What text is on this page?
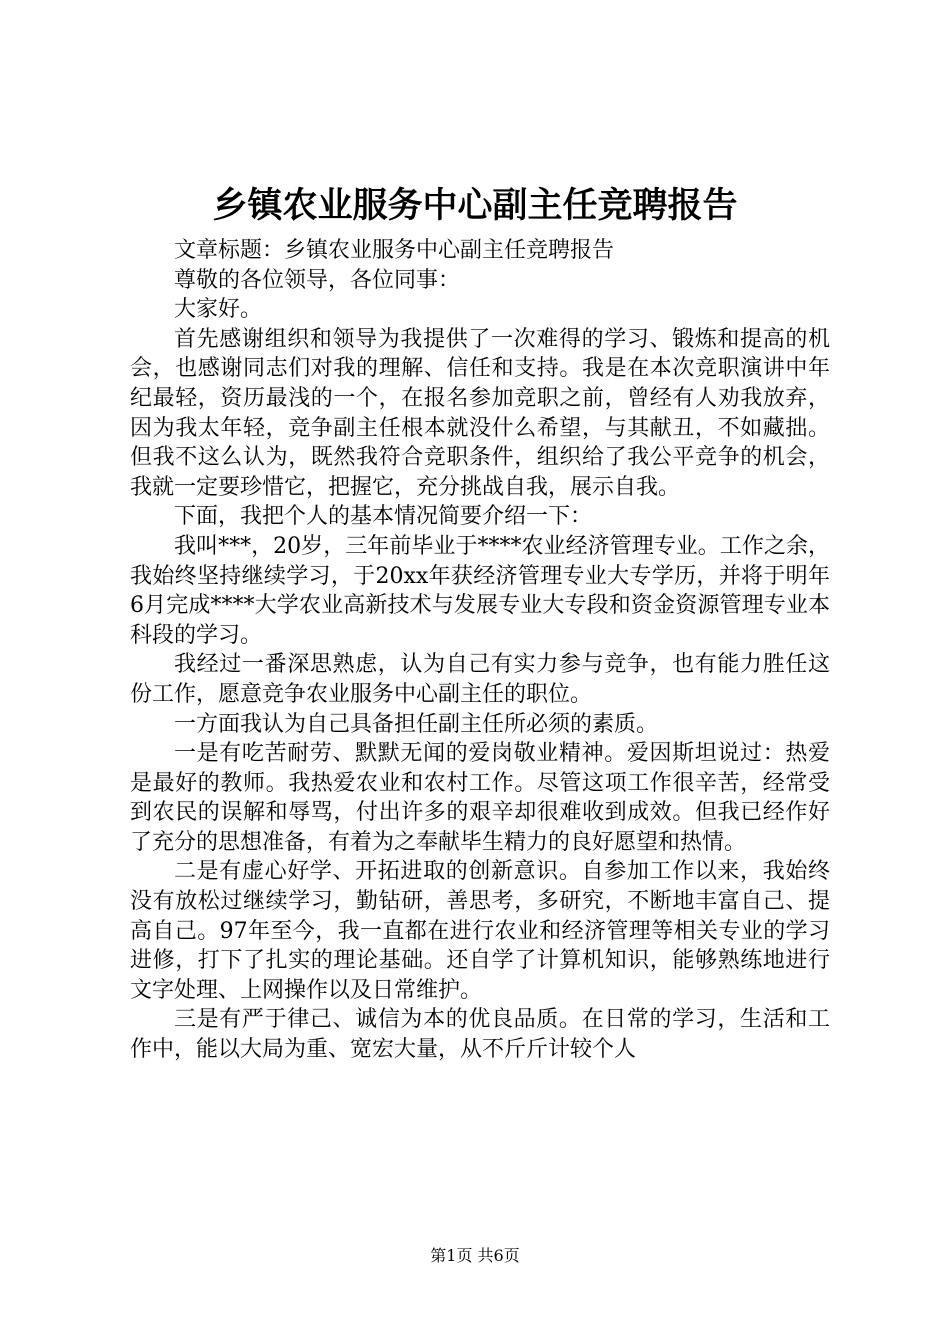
乡镇农业服务中心副主任竞聘报告

文章标题：乡镇农业服务中心副主任竞聘报告

尊敬的各位领导，各位同事：

大家好。

首先感谢组织和领导为我提供了一次难得的学习、锻炼和提高的机会，也感谢同志们对我的理解、信任和支持。我是在本次竞职演讲中年纪最轻，资历最浅的一个，在报名参加竞职之前，曾经有人劝我放弃，因为我太年轻，竞争副主任根本就没什么希望，与其献丑，不如藏拙。但我不这么认为，既然我符合竞职条件，组织给了我公平竞争的机会，我就一定要珍惜它，把握它，充分挑战自我，展示自我。

下面，我把个人的基本情况简要介绍一下：

我叫***，20岁，三年前毕业于****农业经济管理专业。工作之余，我始终坚持继续学习，于20xx年获经济管理专业大专学历，并将于明年6月完成****大学农业高新技术与发展专业大专段和资金资源管理专业本科段的学习。

我经过一番深思熟虑，认为自己有实力参与竞争，也有能力胜任这份工作，愿意竞争农业服务中心副主任的职位。

一方面我认为自己具备担任副主任所必须的素质。

一是有吃苦耐劳、默默无闻的爱岗敬业精神。爱因斯坦说过：热爱是最好的教师。我热爱农业和农村工作。尽管这项工作很辛苦，经常受到农民的误解和辱骂，付出许多的艰辛却很难收到成效。但我已经作好了充分的思想准备，有着为之奉献毕生精力的良好愿望和热情。

二是有虚心好学、开拓进取的创新意识。自参加工作以来，我始终没有放松过继续学习，勤钻研，善思考，多研究，不断地丰富自己、提高自己。97年至今，我一直都在进行农业和经济管理等相关专业的学习进修，打下了扎实的理论基础。还自学了计算机知识，能够熟练地进行文字处理、上网操作以及日常维护。

三是有严于律己、诚信为本的优良品质。在日常的学习，生活和工作中，能以大局为重、宽宏大量，从不斤斤计较个人

第1页 共6页
